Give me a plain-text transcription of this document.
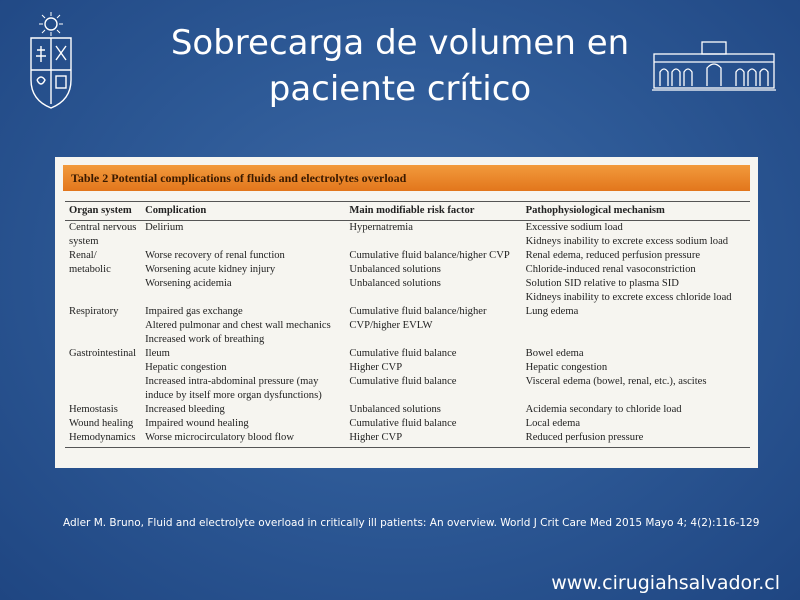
Sobrecarga de volumen en
paciente crítico
Table 2 Potential complications of fluids and electrolytes overload
Organ system	Complication	Main modifiable risk factor	Pathophysiological mechanism
Central nervous	Delirium	Hypernatremia	Excessive sodium load
system			Kidneys inability to excrete excess sodium load
Renal/	Worse recovery of renal function	Cumulative fluid balance/higher CVP	Renal edema, reduced perfusion pressure
metabolic	Worsening acute kidney injury	Unbalanced solutions	Chloride-induced renal vasoconstriction
	Worsening acidemia	Unbalanced solutions	Solution SID relative to plasma SID
			Kidneys inability to excrete excess chloride load
Respiratory	Impaired gas exchange	Cumulative fluid balance/higher	Lung edema
	Altered pulmonar and chest wall mechanics	CVP/higher EVLW	
	Increased work of breathing		
Gastrointestinal	Ileum	Cumulative fluid balance	Bowel edema
	Hepatic congestion	Higher CVP	Hepatic congestion
	Increased intra-abdominal pressure (may	Cumulative fluid balance	Visceral edema (bowel, renal, etc.), ascites
	induce by itself more organ dysfunctions)		
Hemostasis	Increased bleeding	Unbalanced solutions	Acidemia secondary to chloride load
Wound healing	Impaired wound healing	Cumulative fluid balance	Local edema
Hemodynamics	Worse microcirculatory blood flow	Higher CVP	Reduced perfusion pressure
Adler M. Bruno, Fluid and electrolyte overload in critically ill patients: An overview. World J Crit Care Med 2015 Mayo 4; 4(2):116-129
www.cirugiahsalvador.cl
